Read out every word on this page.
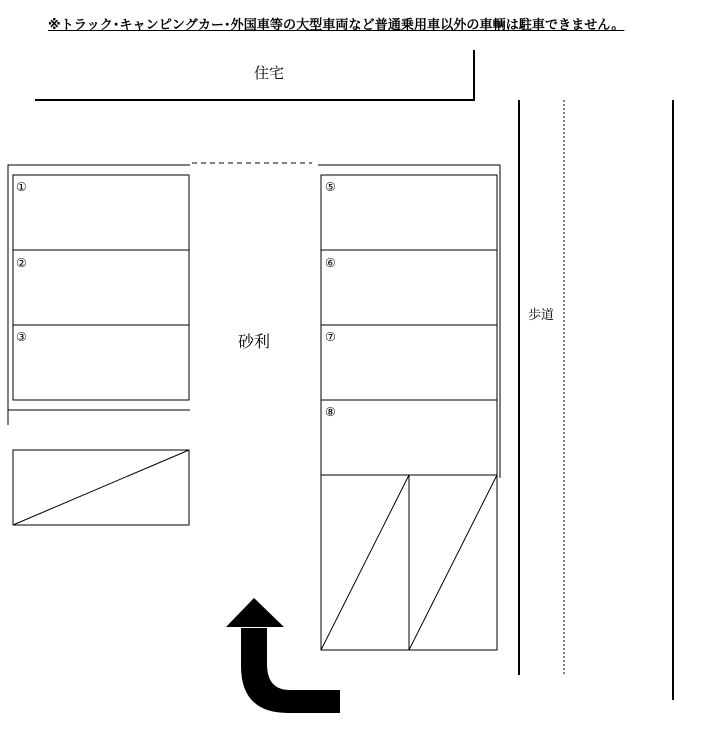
※トラック･キャンピングカー･外国車等の大型車両など普通乗用車以外の車輌は駐車できません。
住宅
砂利
歩道
①
②
③
⑤
⑥
⑦
⑧
